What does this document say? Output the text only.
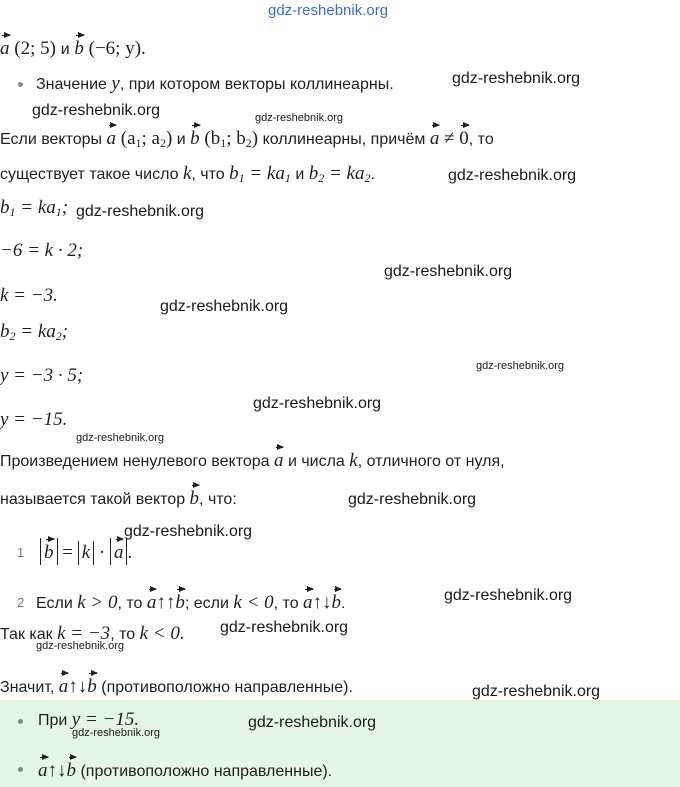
a (2; 5) и b (−6; y).
Значение y, при котором векторы коллинеарны.
Если векторы a ($a_1$; $a_2$) и b ($b_1$; $b_2$) коллинеарны, причём a ≠ 0, то
существует такое число k, что $b_1 = ka_1$ и $b_2 = ka_2$.
$b_1 = ka_1$;
−6 = k · 2;
k = −3.
$b_2 = ka_2$;
y = −3 · 5;
y = −15.
Произведением ненулевого вектора a и числа k, отличного от нуля,
называется такой вектор b, что:
1 b = k · a .
2 Если k > 0, то a↑↑b; если k < 0, то a↑↓b.
Так как k = −3, то k < 0.
Значит, a↑↓b (противоположно направленные).
При y = −15.
a↑↓b (противоположно направленные).
gdz-reshebnik.org
gdz-reshebnik.org
gdz-reshebnik.org	gdz-reshebnik.org
gdz-reshebnik.org
gdz-reshebnik.org
gdz-reshebnik.org
gdz-reshebnik.org
gdz-reshebnik.org
gdz-reshebnik.org
gdz-reshebnik.org
gdz-reshebnik.org
gdz-reshebnik.org
gdz-reshebnik.org
gdz-reshebnik.org
gdz-reshebnik.org
gdz-reshebnik.org
gdz-reshebnik.org
gdz-reshebnik.org
